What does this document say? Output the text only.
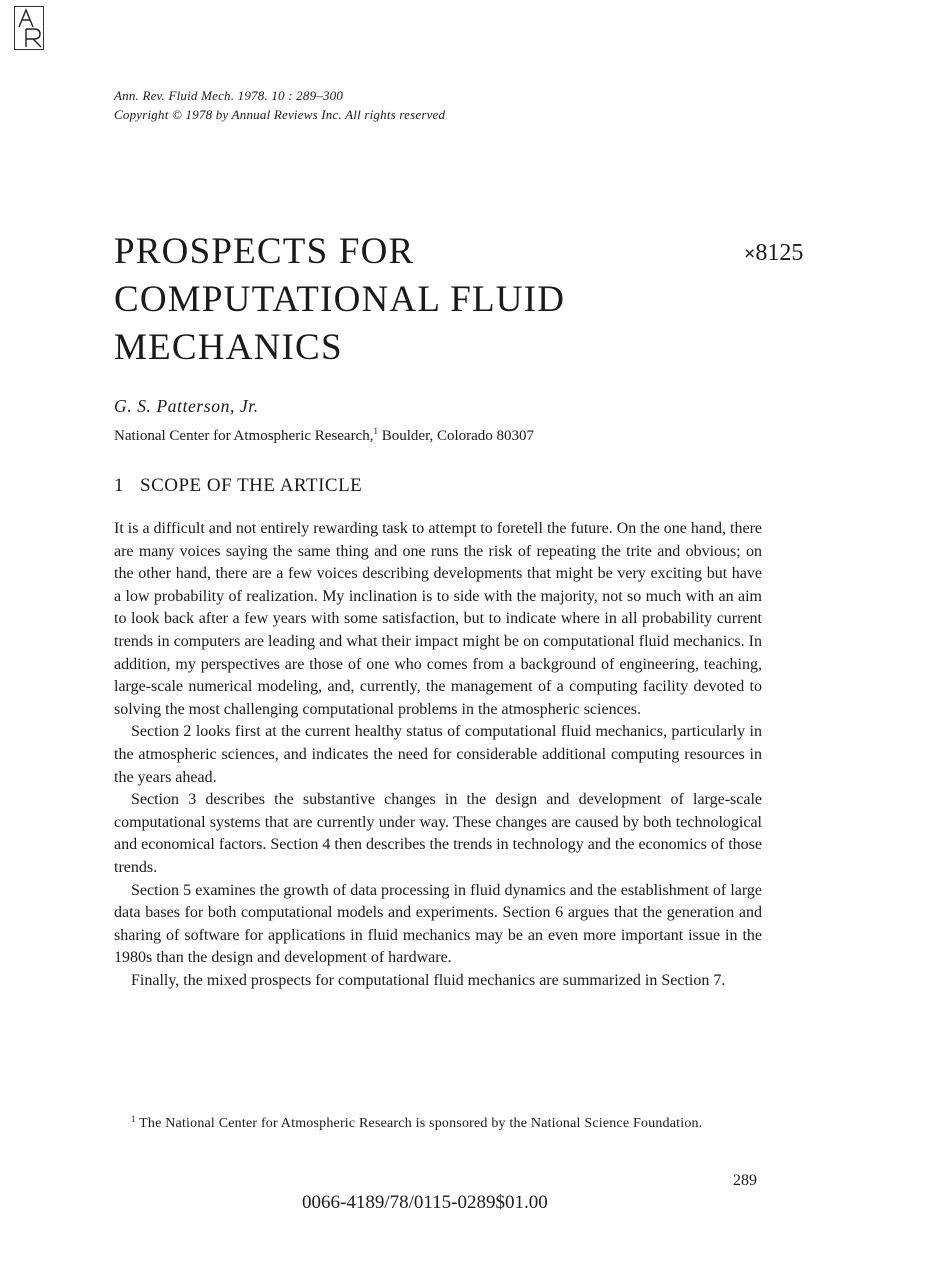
Ann. Rev. Fluid Mech. 1978. 10 : 289–300
Copyright © 1978 by Annual Reviews Inc. All rights reserved
PROSPECTS FOR
COMPUTATIONAL FLUID
MECHANICS
×8125
G. S. Patterson, Jr.
National Center for Atmospheric Research,$^1$ Boulder, Colorado 80307
1 SCOPE OF THE ARTICLE

It is a difficult and not entirely rewarding task to attempt to foretell the future. On the one hand, there are many voices saying the same thing and one runs the risk of repeating the trite and obvious; on the other hand, there are a few voices describing developments that might be very exciting but have a low probability of realization. My inclination is to side with the majority, not so much with an aim to look back after a few years with some satisfaction, but to indicate where in all probability current trends in computers are leading and what their impact might be on computational fluid mechanics. In addition, my perspectives are those of one who comes from a background of engineering, teaching, large-scale numerical modeling, and, currently, the management of a computing facility devoted to solving the most challenging computational problems in the atmospheric sciences.

Section 2 looks first at the current healthy status of computational fluid mechanics, particularly in the atmospheric sciences, and indicates the need for considerable additional computing resources in the years ahead.

Section 3 describes the substantive changes in the design and development of large-scale computational systems that are currently under way. These changes are caused by both technological and economical factors. Section 4 then describes the trends in technology and the economics of those trends.

Section 5 examines the growth of data processing in fluid dynamics and the establishment of large data bases for both computational models and experiments. Section 6 argues that the generation and sharing of software for applications in fluid mechanics may be an even more important issue in the 1980s than the design and development of hardware.

Finally, the mixed prospects for computational fluid mechanics are summarized in Section 7.

$^1$ The National Center for Atmospheric Research is sponsored by the National Science Foundation.
289
0066-4189/78/0115-0289$01.00
